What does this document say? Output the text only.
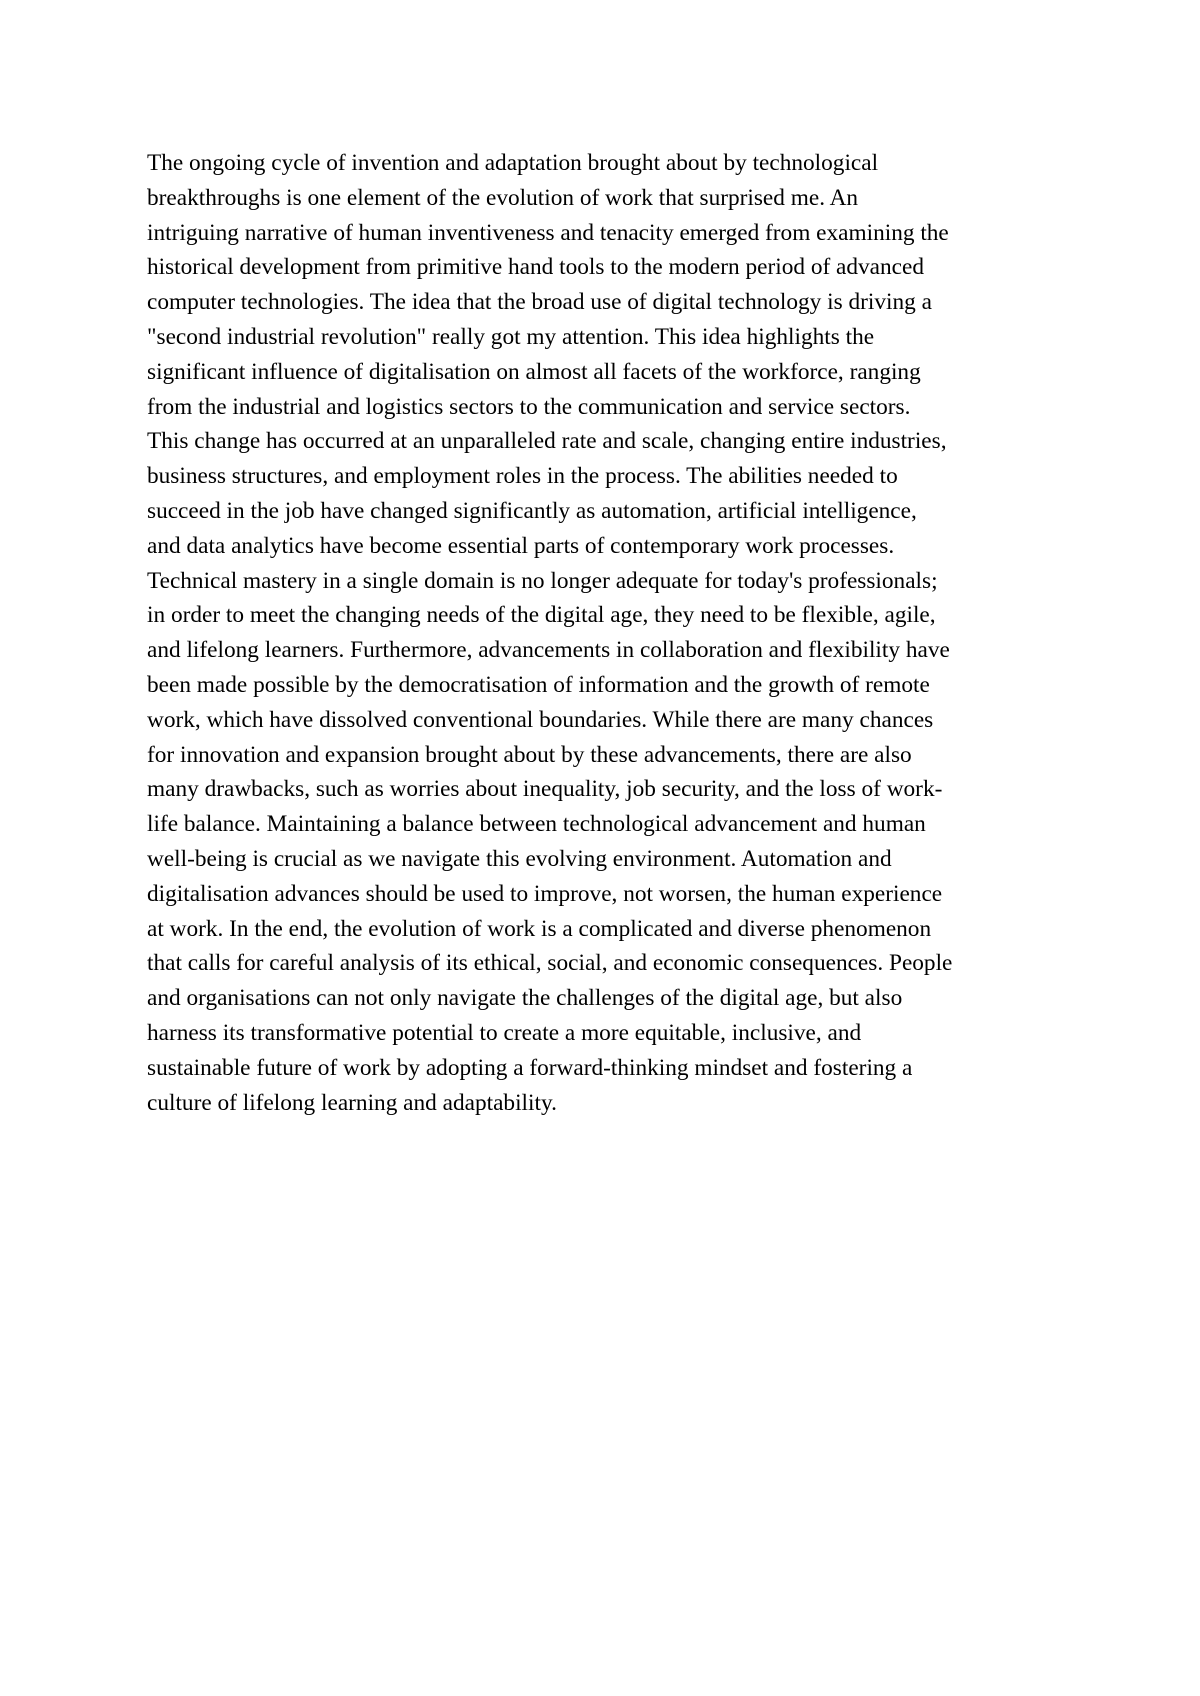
The ongoing cycle of invention and adaptation brought about by technological
breakthroughs is one element of the evolution of work that surprised me. An
intriguing narrative of human inventiveness and tenacity emerged from examining the
historical development from primitive hand tools to the modern period of advanced
computer technologies. The idea that the broad use of digital technology is driving a
"second industrial revolution" really got my attention. This idea highlights the
significant influence of digitalisation on almost all facets of the workforce, ranging
from the industrial and logistics sectors to the communication and service sectors.
This change has occurred at an unparalleled rate and scale, changing entire industries,
business structures, and employment roles in the process. The abilities needed to
succeed in the job have changed significantly as automation, artificial intelligence,
and data analytics have become essential parts of contemporary work processes.
Technical mastery in a single domain is no longer adequate for today's professionals;
in order to meet the changing needs of the digital age, they need to be flexible, agile,
and lifelong learners. Furthermore, advancements in collaboration and flexibility have
been made possible by the democratisation of information and the growth of remote
work, which have dissolved conventional boundaries. While there are many chances
for innovation and expansion brought about by these advancements, there are also
many drawbacks, such as worries about inequality, job security, and the loss of work-
life balance. Maintaining a balance between technological advancement and human
well-being is crucial as we navigate this evolving environment. Automation and
digitalisation advances should be used to improve, not worsen, the human experience
at work. In the end, the evolution of work is a complicated and diverse phenomenon
that calls for careful analysis of its ethical, social, and economic consequences. People
and organisations can not only navigate the challenges of the digital age, but also
harness its transformative potential to create a more equitable, inclusive, and
sustainable future of work by adopting a forward-thinking mindset and fostering a
culture of lifelong learning and adaptability.
